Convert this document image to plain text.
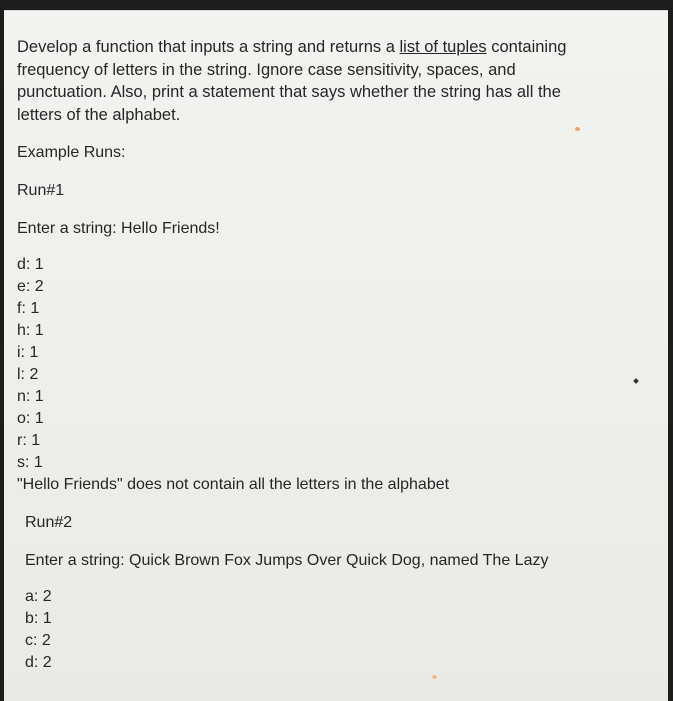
Develop a function that inputs a string and returns a list of tuples containing
frequency of letters in the string. Ignore case sensitivity, spaces, and
punctuation. Also, print a statement that says whether the string has all the
letters of the alphabet.

Example Runs:

Run#1

Enter a string: Hello Friends!

d: 1

e: 2

f: 1

h: 1

i: 1

l: 2

n: 1

o: 1

r: 1

s: 1

"Hello Friends" does not contain all the letters in the alphabet

Run#2

Enter a string: Quick Brown Fox Jumps Over Quick Dog, named The Lazy

a: 2

b: 1

c: 2

d: 2
